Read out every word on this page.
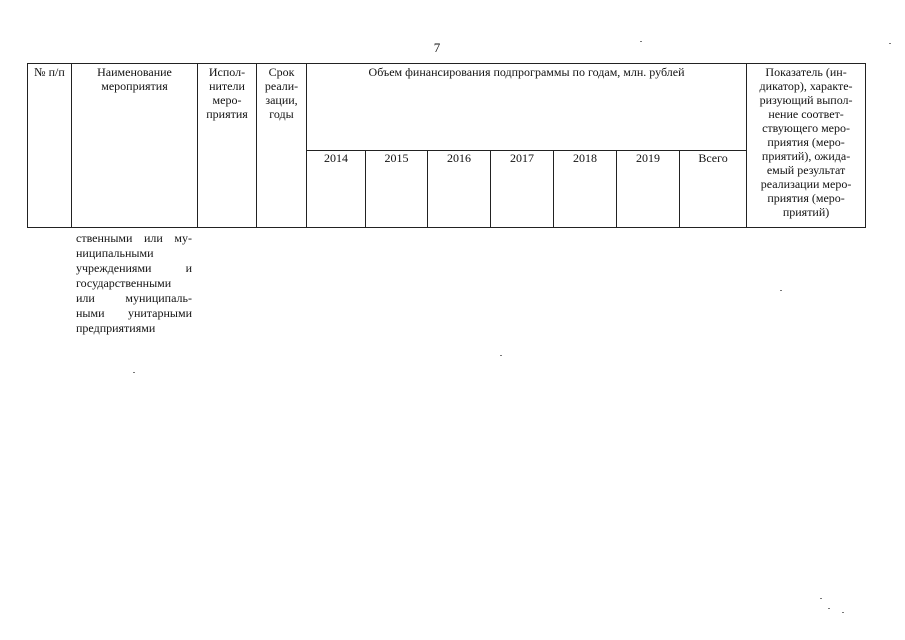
7
№ п/п	Наименование мероприятия	Испол-нители меро-приятия	Срок реали-зации, годы	Объем финансирования подпрограммы по годам, млн. рублей							Показатель (ин-дикатор), характе-ризующий выпол-нение соответ-ствующего меро-приятия (меро-приятий), ожида-емый результат реализации меро-приятия (меро-приятий)
				2014	2015	2016	2017	2018	2019	Всего	
ственными или му-
ниципальными
учреждениями и
государственными
или муниципаль-
ными унитарными
предприятиями
